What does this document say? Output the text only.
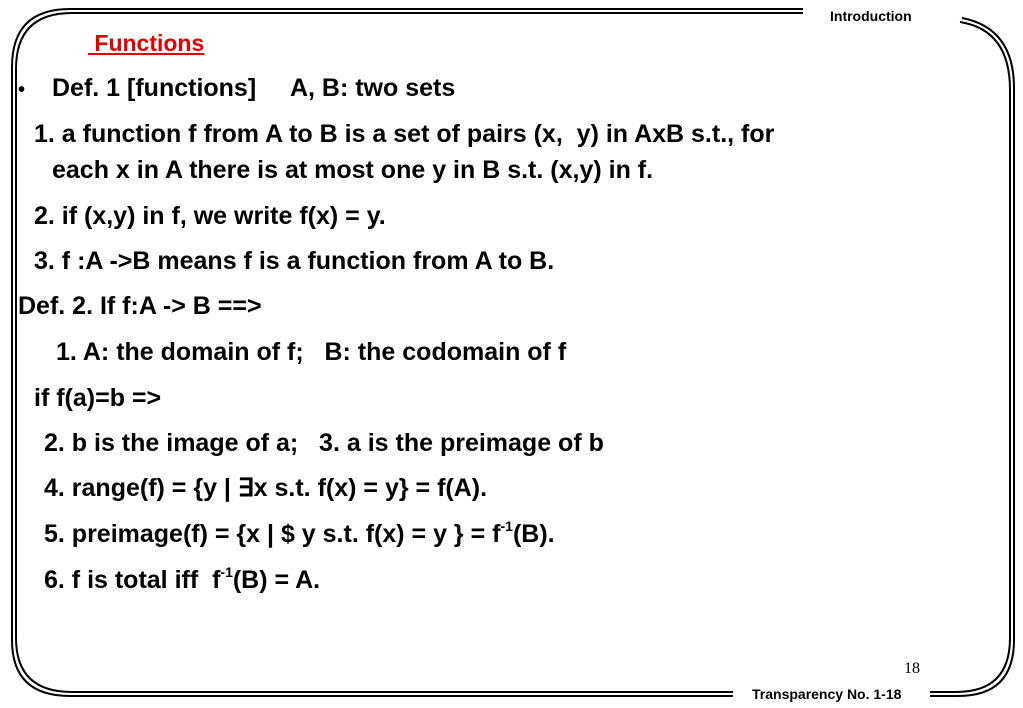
Introduction
Functions
• Def. 1 [functions]     A, B: two sets
1. a function f from A to B is a set of pairs (x,  y) in AxB s.t., for
each x in A there is at most one y in B s.t. (x,y) in f.
2. if (x,y) in f, we write f(x) = y.
3. f :A ->B means f is a function from A to B.
Def. 2. If f:A -> B ==>
1. A: the domain of f;   B: the codomain of f
if f(a)=b =>
2. b is the image of a;   3. a is the preimage of b
4. range(f) = {y | ∃x s.t. f(x) = y} = f(A).
5. preimage(f) = {x | $ y s.t. f(x) = y } = $f^{-1}(B)$.
6. f is total iff  $f^{-1}(B) = A$.
18
Transparency No. 1-18
